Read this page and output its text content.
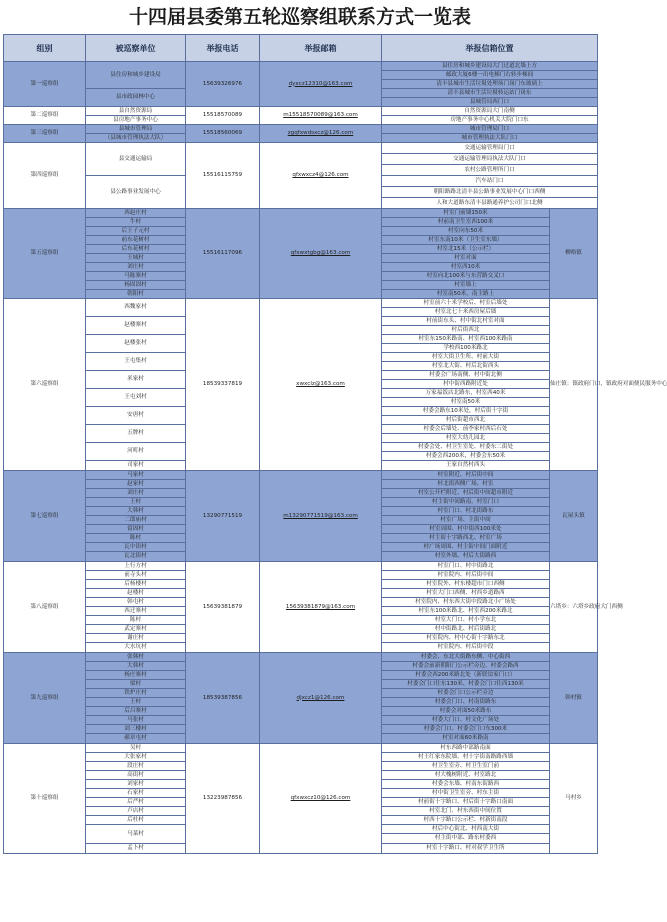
十四届县委第五轮巡察组联系方式一览表
组别	被巡察单位	举报电话	举报邮箱	举报信箱位置	
第一巡察组	县住房和城乡建设局	15639326976	dyxcz12310@163.com	县住房和城乡建设局大门过道北墙上方	
				邮政大厦6楼一出电梯门右转步梯间	
				清丰县城市生活垃圾处理场门岗门东玻璃上	
	县市政园林中心			清丰县城市生活垃圾转运站门岗东	
				县城管局西门口	
第二巡察组	县自然资源局	15518570089	m15518570089@163.com	自然资源局大门南侧	
	县房地产事务中心			房地产事务中心机关大院门口东	
第三巡察组	县城市管理局	15518560069	zgqfxwdsxcz@126.com	城市管理局门口	
	（县城市管理执法大队）			城市管理执法大队门口	
第四巡察组	县交通运输局	15516115759	qfxwxcz4@126.com	交通运输管理局门口	
				交通运输管理局执法大队门口	
				农村公路管理所门口	
	县公路事业发展中心			汽车站门口	
				朝阳路路北清丰县公路事业发展中心门口西侧	
				人和大道路东清丰县路通养护公司门口北侧	
第五巡察组	西赵庄村	15516117096	qfxwxtgbg@163.com	村室门前墙150米	柳格镇
	牛村			村前南卫生室西100米	
	后王子元村			村室向东50米	
	前东花树村			村室东南10米（卫生室东墙）	
	后东花树村			村室北15米（公示栏）	
	王城村			村室对面	
	刘庄村			村室西10米	
	马陈寨村			村室向北100米与东营路交叉口	
	杨固固村			村室墙上	
	朝阳村			村室南50米，南主路上	
第六巡察组	西魏家村	18539337819	xwxclz@163.com	村室前六十米学校后、村室后墙处	仙庄镇：镇政府门口，镇政府对面便民服务中心
				村室北七十米西房屋后墙	
	赵楼寨村			村前街东头、村中街北村室对面	
				村后街西北	
	赵楼张村			村室东150米路南、村室西100米路南	
				学校西100米路北	
	王屯集村			村室大街卫生所、村前大街	
				村室北大街、村后北街西头	
	米家村			村委会广场南侧、村中街北侧	
				村中街西路附近处	
	王屯刘村			万家福饭店北路东，村室西40米	
				村室南50米	
	安唐村			村委会路东10米处，村后街十字街	
				村后街超市西北	
	五牌村			村委会后墙处、前李家村西后石处	
				村室大幼儿园北	
	河町村			村委会处、村卫生室处、村委东二街处	
				村委会西200米，村委会东50米	
	司家村			王家自然村西头	
第七巡察组	马家村	13290771519	m13290771519@163.com	村室附近、村后街中间	瓦屋头镇
	赵家村			村北街西侧广场、村室	
	刘庄村			村室公开栏附近、村后街中间超市附近	
	王村			村主街中间路南、村室门口	
	大韩村			村室门口、村北街路东	
	二郎庙村			村室广场、主街中间	
	留固村			村室周围、村中街西100米处	
	陈村			村主街十字路西北、村室广场	
	瓦中街村			村广场周围、村主街中间门面附近	
	瓦北街村			村室外墙、村后大街路西	
第八巡察组	上行方村	15639381879	15639381879@163.com	村室门口、村中街路北	六塔乡：六塔乡政府大门西侧
	前寺头村			村室院内、村后街中间	
	后杨楼村			村室院外、村东楼超市门口西侧	
	赵楼村			村室大门口西侧、村西乡道路西	
	韩屯村			村室院内、村东西大街中段路北小广场处	
	西迁寨村			村室东100米路北、村室西200米路北	
	陈村			村室大门口、村小学东北	
	武定寨村			村中街路北、村后街路北	
	谢庄村			村室院内、村中心街十字路东北	
	大水坑村			村室院内、村后街中段	
第九巡察组	张韩村	18539387856	djxcz1@126.com	村委会、东北大街路东侧、中心街西	韩村镇
	大韩村			村委会前新朝阳门公示栏旁边、村委会路西	
	杨庄寨村			村委会西200米路北处（新联谊家门口）	
	梁村			村委会门口往东130米、村委会门口往西130米	
	铁炉庄村			村委会门口公示栏旁边	
	王村			村委会门口、村南街路东	
	后吕寨村			村委会对面50米路东	
	马张村			村委大门口、村文化广场处	
	刘三楼村			村委会门口、村委会门口东300米	
	郝章屯村			村室对面60米路南	
第十巡察组	吴村	13223987856	qfxwxcz10@126.com	村东西路中部路南面	马村乡
	大张家村			村王红家东院墙、村十字街南路路西墙	
	段庄村			村卫生室旁、村卫生室门前	
	高街村			村大槐树附近、村室路北	
	刘家村			村委会东墙、村南东街路西	
	石家村			村中街卫生室旁、村东主街	
	后严村			村前街十字路口、村后街十字路口南面	
	卢店村			村室北门、村东西街中间位置	
	后杜村			村西十字路口公示栏、村新街南段	
	马菜村			村后中心街北、村西南大街	
				村主街中部、路东村委西	
	孟卜村			村室十字路口、村对叔学卫生所	
